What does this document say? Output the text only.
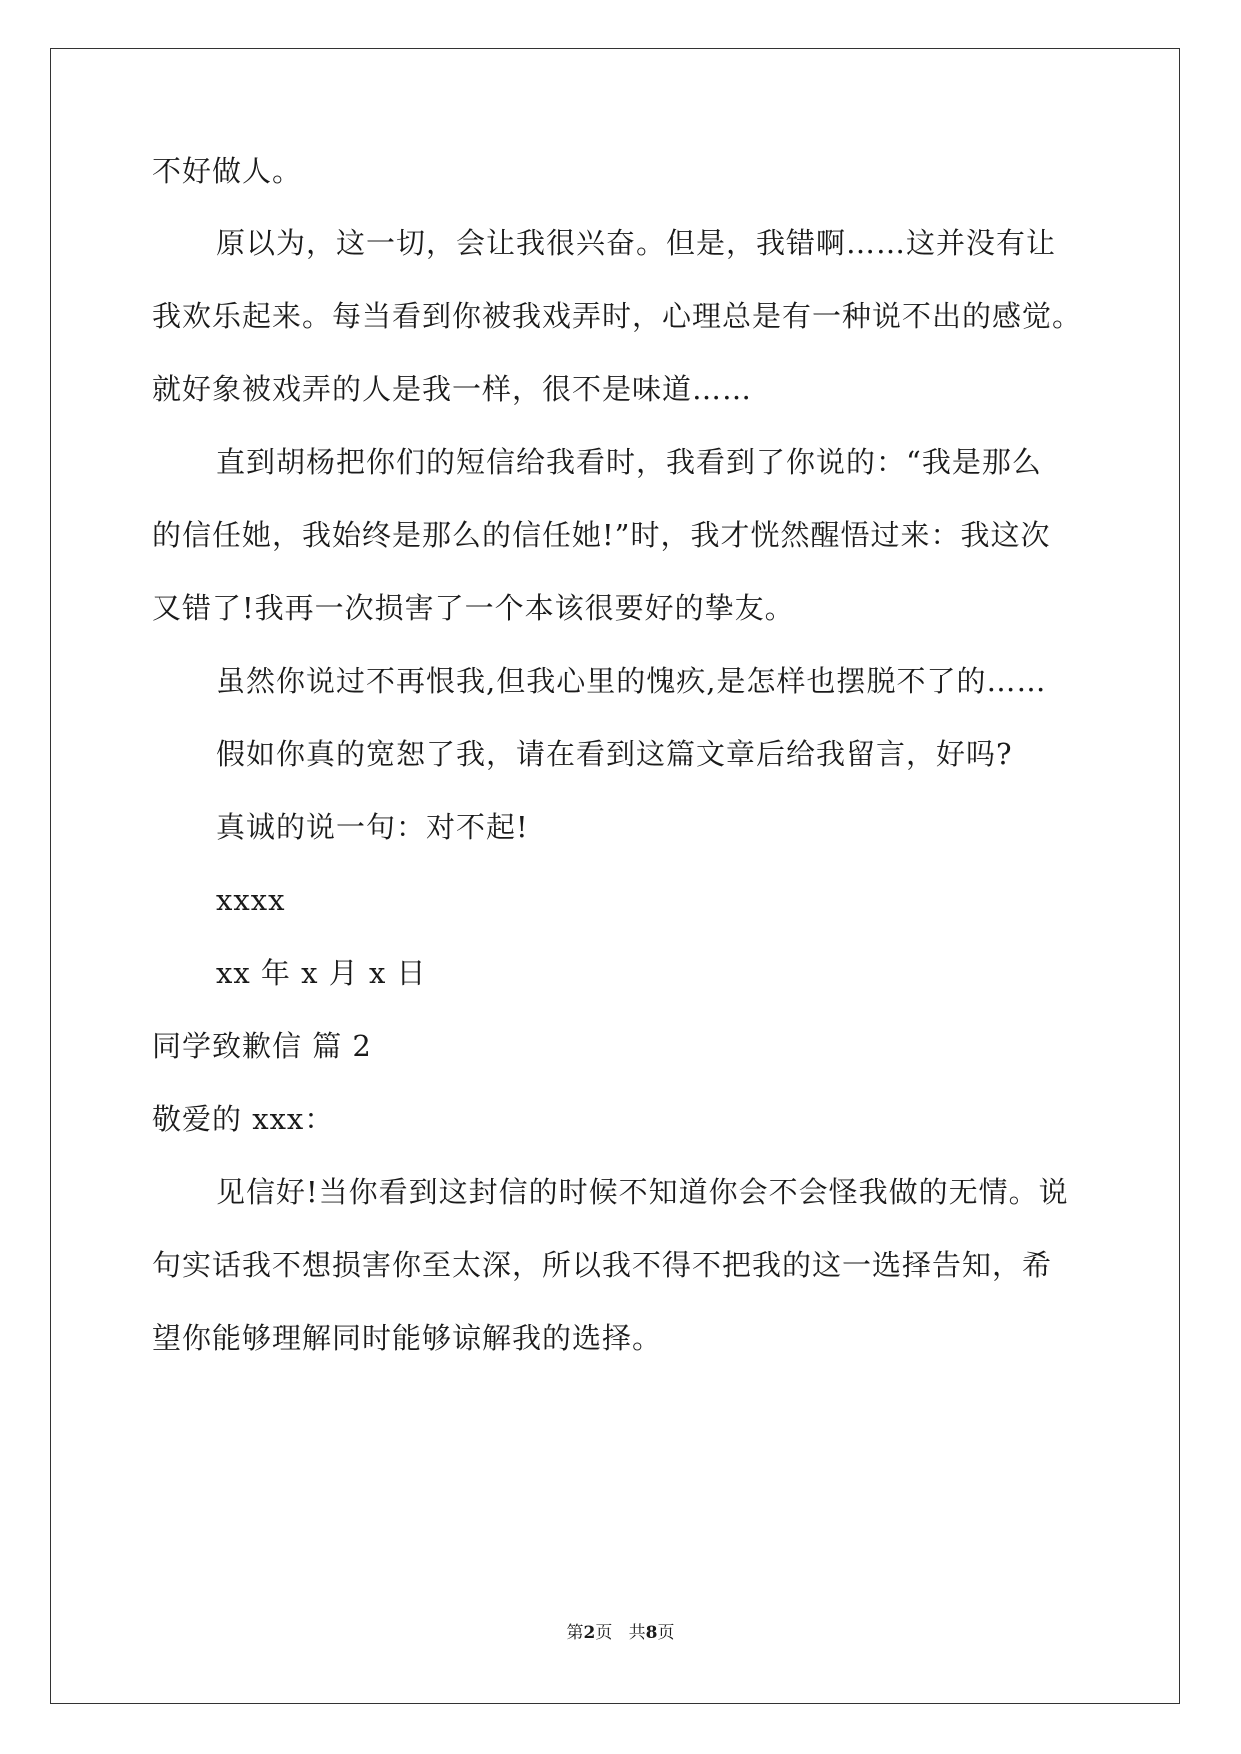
不好做人。
原以为，这一切，会让我很兴奋。但是，我错啊……这并没有让
我欢乐起来。每当看到你被我戏弄时，心理总是有一种说不出的感觉。
就好象被戏弄的人是我一样，很不是味道……
直到胡杨把你们的短信给我看时，我看到了你说的：“我是那么
的信任她，我始终是那么的信任她!”时，我才恍然醒悟过来：我这次
又错了!我再一次损害了一个本该很要好的挚友。
虽然你说过不再恨我,但我心里的愧疚,是怎样也摆脱不了的……
假如你真的宽恕了我，请在看到这篇文章后给我留言，好吗?
真诚的说一句：对不起!
xxxx
xx 年 x 月 x 日
同学致歉信 篇 2
敬爱的 xxx：
见信好!当你看到这封信的时候不知道你会不会怪我做的无情。说
句实话我不想损害你至太深，所以我不得不把我的这一选择告知，希
望你能够理解同时能够谅解我的选择。
第2页   共8页
